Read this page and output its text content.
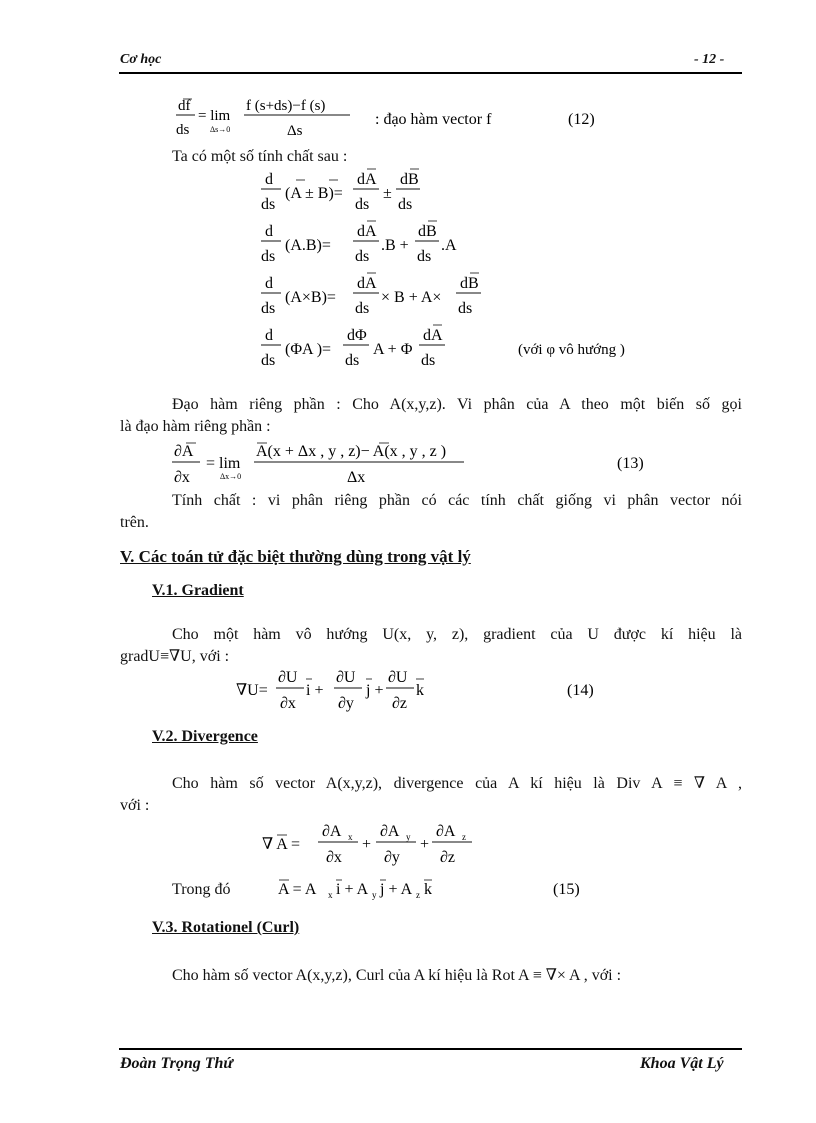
Cơ học	- 12 -
df
ds
= lim
Δs→0
f (s+ds)−f (s)
Δs
: đạo hàm vector f	(12)
Ta có một số tính chất sau :
d
ds
(A ± B)=
dA
ds
±
dB
ds
d
ds
(A.B)=
dA
ds
.B +
dB
ds
.A
d
ds
(A×B)=
dA
ds
× B + A×
dB
ds
d
ds
(ΦA )=
dΦ
ds
A + Φ
dA
ds
(với φ vô hướng )
Đạo hàm riêng phần : Cho A(x,y,z). Vi phân của A theo một biến số gọi
là đạo hàm riêng phần :
∂A
∂x
= lim
Δx→0
A(x + Δx , y , z)− A(x , y , z )
Δx
(13)
Tính chất : vi phân riêng phần có các tính chất giống vi phân vector nói
trên.
V. Các toán tử đặc biệt thường dùng trong vật lý
V.1. Gradient
Cho một hàm vô hướng U(x, y, z), gradient của U được kí hiệu là
gradU≡∇U, với :
∇U=
∂U
∂x
i +
∂U
∂y
j +
∂U
∂z
k	(14)
V.2. Divergence
Cho hàm số vector A(x,y,z), divergence của A kí hiệu là Div A ≡ ∇ A ,
với :
∇ A =
∂A x
∂x
+
∂A y
∂y
+
∂A z
∂z
Trong đó	A = A x i + A y j + A z k	(15)
V.3. Rotationel (Curl)
Cho hàm số vector A(x,y,z), Curl của A kí hiệu là Rot A ≡ ∇× A , với :
Đoàn Trọng Thứ	Khoa Vật Lý
